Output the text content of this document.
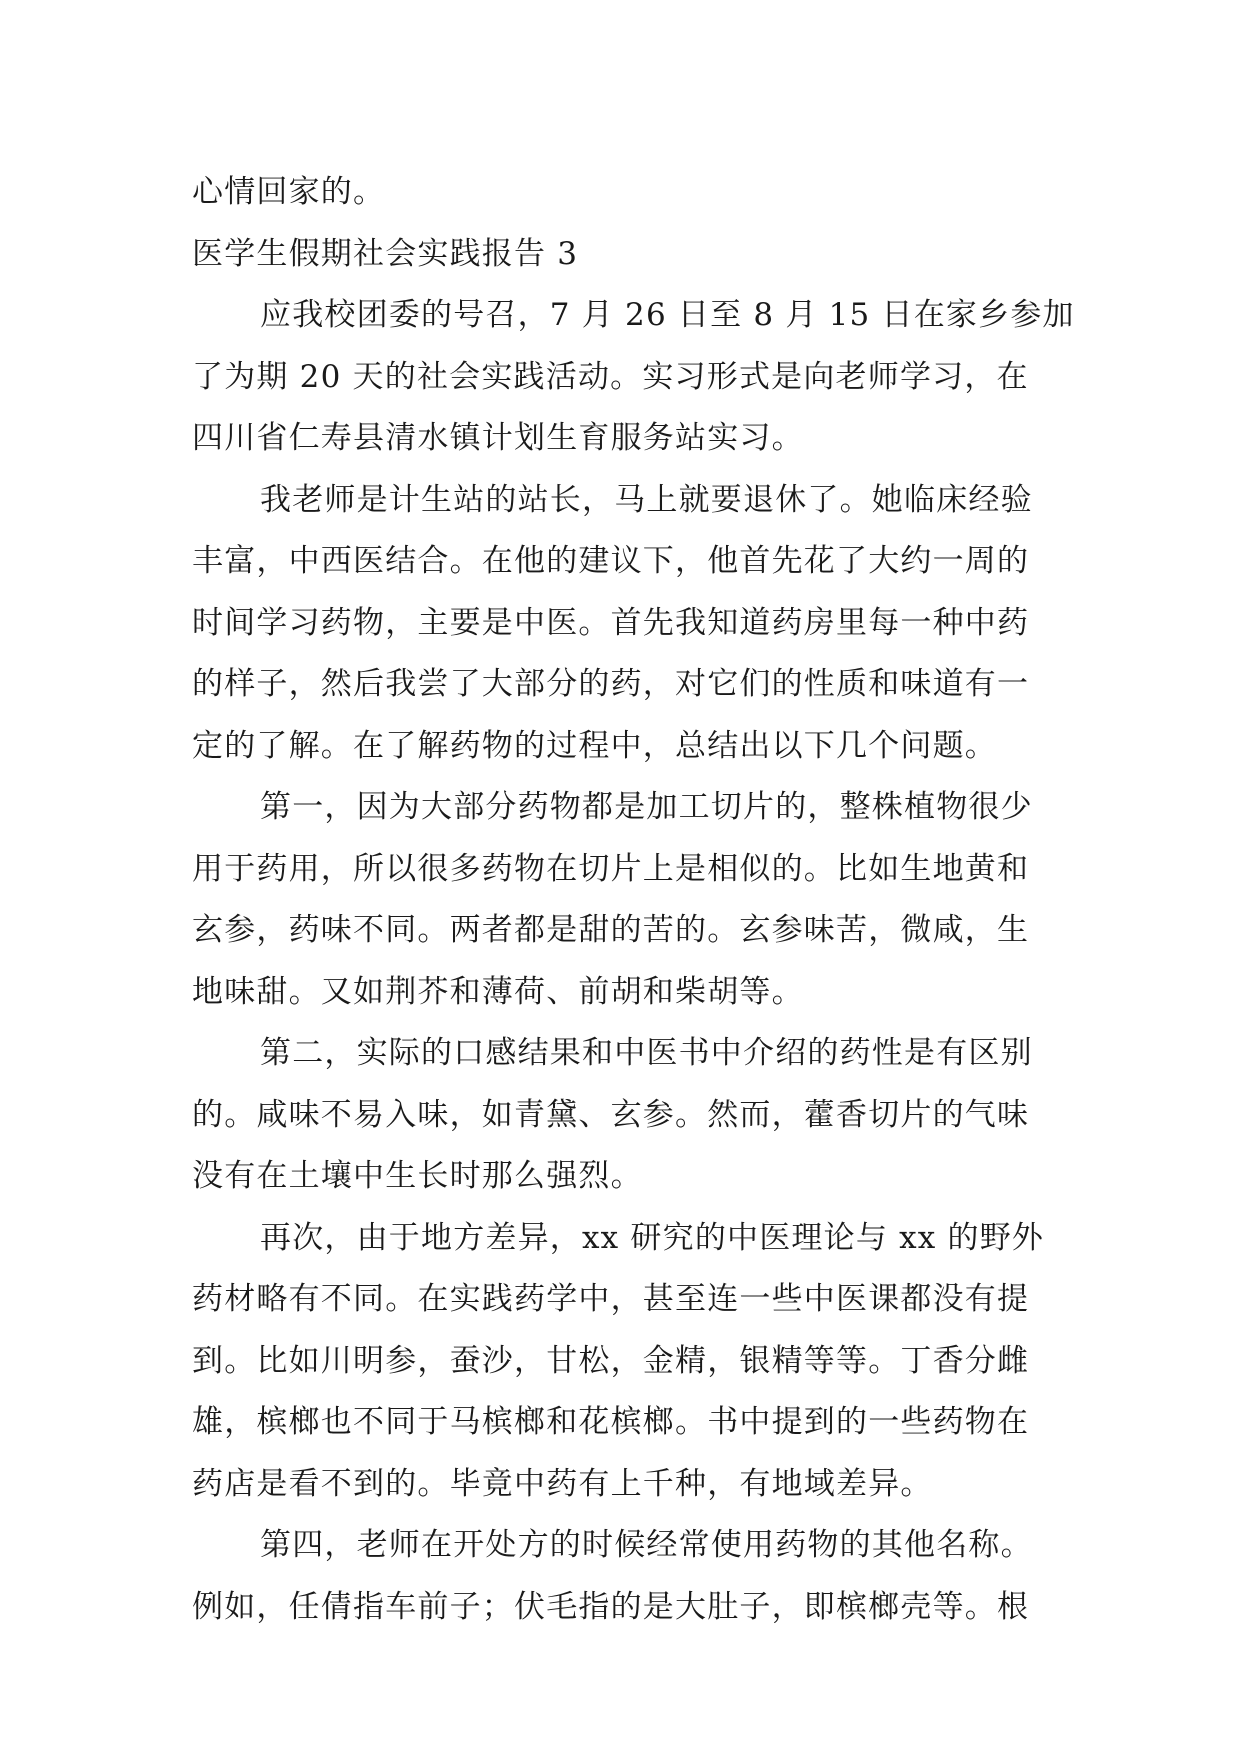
心情回家的。
医学生假期社会实践报告 3
应我校团委的号召，7 月 26 日至 8 月 15 日在家乡参加
了为期 20 天的社会实践活动。实习形式是向老师学习，在
四川省仁寿县清水镇计划生育服务站实习。
我老师是计生站的站长，马上就要退休了。她临床经验
丰富，中西医结合。在他的建议下，他首先花了大约一周的
时间学习药物，主要是中医。首先我知道药房里每一种中药
的样子，然后我尝了大部分的药，对它们的性质和味道有一
定的了解。在了解药物的过程中，总结出以下几个问题。
第一，因为大部分药物都是加工切片的，整株植物很少
用于药用，所以很多药物在切片上是相似的。比如生地黄和
玄参，药味不同。两者都是甜的苦的。玄参味苦，微咸，生
地味甜。又如荆芥和薄荷、前胡和柴胡等。
第二，实际的口感结果和中医书中介绍的药性是有区别
的。咸味不易入味，如青黛、玄参。然而，藿香切片的气味
没有在土壤中生长时那么强烈。
再次，由于地方差异，xx 研究的中医理论与 xx 的野外
药材略有不同。在实践药学中，甚至连一些中医课都没有提
到。比如川明参，蚕沙，甘松，金精，银精等等。丁香分雌
雄，槟榔也不同于马槟榔和花槟榔。书中提到的一些药物在
药店是看不到的。毕竟中药有上千种，有地域差异。
第四，老师在开处方的时候经常使用药物的其他名称。
例如，任倩指车前子；伏毛指的是大肚子，即槟榔壳等。根
